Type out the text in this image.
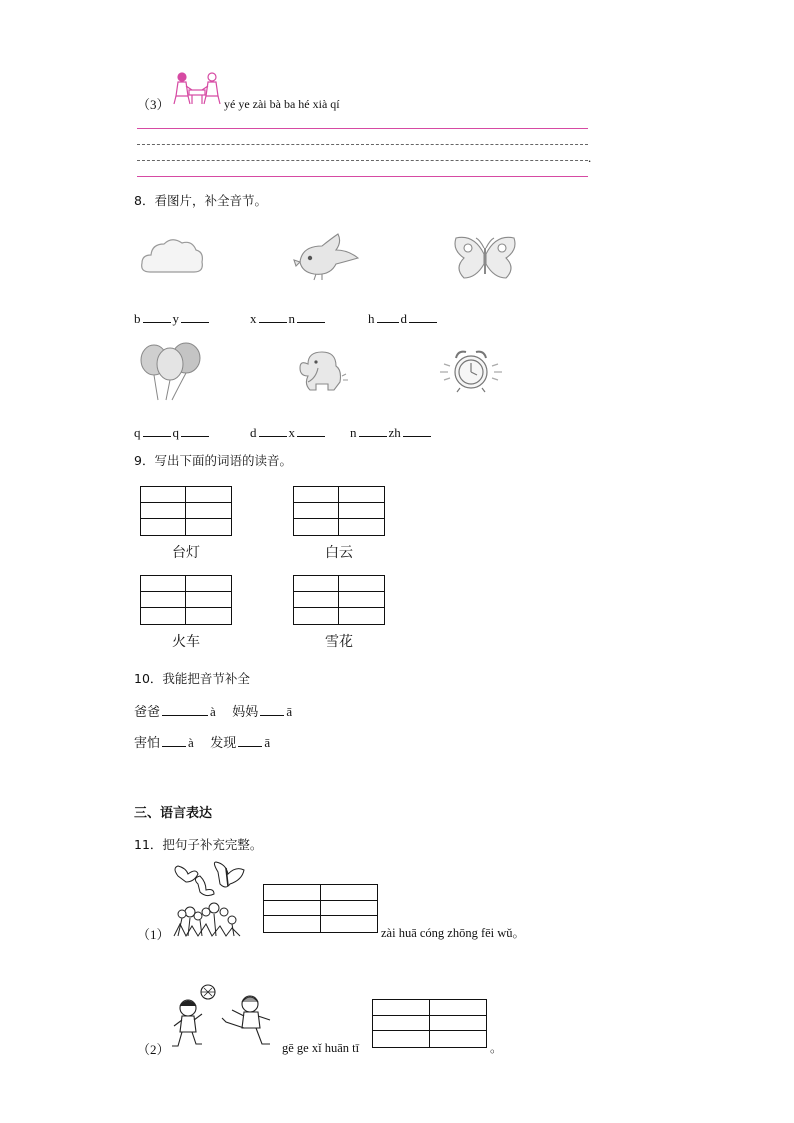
（3）	yé ye zài bà ba hé xià qí
.
8．看图片，补全音节。
b y	x n	h d
q q	d x	n zh
9．写出下面的词语的读音。
台灯	白云
火车	雪花
10．我能把音节补全
爸爸	à 妈妈 ā
害怕 à 发现 ā
三、语言表达
11．把句子补充完整。
（1）	zài huā cóng zhōng fēi wǔ。
（2）	gē ge xǐ huān tī	。
